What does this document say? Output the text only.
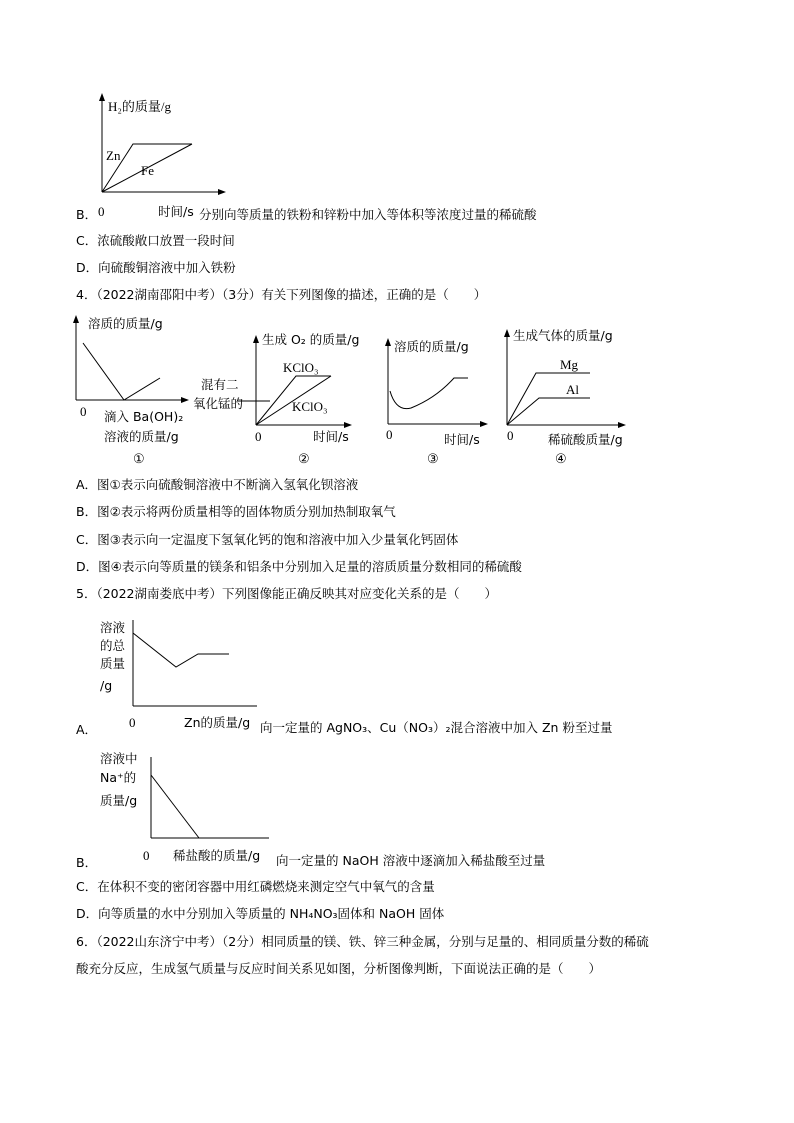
H₂的质量/g
Zn
Fe
0	时间/s
B．	分别向等质量的铁粉和锌粉中加入等体积等浓度过量的稀硫酸
C．浓硫酸敞口放置一段时间
D．向硫酸铜溶液中加入铁粉
4．（2022湖南邵阳中考）（3分）有关下列图像的描述，正确的是（　　）
溶质的质量/g
0 滴入 Ba(OH)₂
溶液的质量/g
①
生成 O₂ 的质量/g
混有二
氧化锰的
KClO₃
KClO₃
0	时间/s
②
溶质的质量/g
0	时间/s
③
生成气体的质量/g
Mg
Al
0	稀硫酸质量/g
④
A．图①表示向硫酸铜溶液中不断滴入氢氧化钡溶液
B．图②表示将两份质量相等的固体物质分别加热制取氧气
C．图③表示向一定温度下氢氧化钙的饱和溶液中加入少量氧化钙固体
D．图④表示向等质量的镁条和铝条中分别加入足量的溶质质量分数相同的稀硫酸
5．（2022湖南娄底中考）下列图像能正确反映其对应变化关系的是（　　）
溶液
的总
质量
/g
0	Zn的质量/g
溶液中
Na⁺的
质量/g
0 稀盐酸的质量/g
A．	向一定量的 AgNO₃、Cu（NO₃）₂混合溶液中加入 Zn 粉至过量
B．	向一定量的 NaOH 溶液中逐滴加入稀盐酸至过量
C．在体积不变的密闭容器中用红磷燃烧来测定空气中氧气的含量
D．向等质量的水中分别加入等质量的 NH₄NO₃固体和 NaOH 固体
6．（2022山东济宁中考）（2分）相同质量的镁、铁、锌三种金属，分别与足量的、相同质量分数的稀硫
酸充分反应，生成氢气质量与反应时间关系见如图，分析图像判断，下面说法正确的是（　　）
